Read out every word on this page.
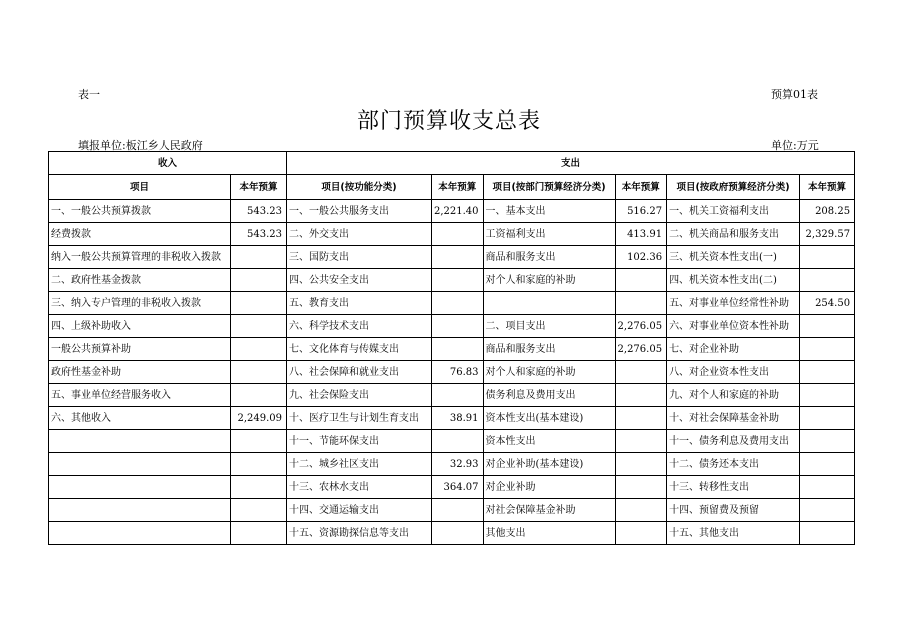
表一	预算01表
部门预算收支总表
填报单位:板江乡人民政府	单位:万元
收入		支出					
项目	本年预算	项目(按功能分类)	本年预算	项目(按部门预算经济分类)	本年预算	项目(按政府预算经济分类)	本年预算
一、一般公共预算拨款	543.23	一、一般公共服务支出	2,221.40	一、基本支出	516.27	一、机关工资福利支出	208.25
经费拨款	543.23	二、外交支出		工资福利支出	413.91	二、机关商品和服务支出	2,329.57
纳入一般公共预算管理的非税收入拨款		三、国防支出		商品和服务支出	102.36	三、机关资本性支出(一)	
二、政府性基金拨款		四、公共安全支出		对个人和家庭的补助		四、机关资本性支出(二)	
三、纳入专户管理的非税收入拨款		五、教育支出				五、对事业单位经常性补助	254.50
四、上级补助收入		六、科学技术支出		二、项目支出	2,276.05	六、对事业单位资本性补助	
一般公共预算补助		七、文化体育与传媒支出		商品和服务支出	2,276.05	七、对企业补助	
政府性基金补助		八、社会保障和就业支出	76.83	对个人和家庭的补助		八、对企业资本性支出	
五、事业单位经营服务收入		九、社会保险支出		债务利息及费用支出		九、对个人和家庭的补助	
六、其他收入	2,249.09	十、医疗卫生与计划生育支出	38.91	资本性支出(基本建设)		十、对社会保障基金补助	
		十一、节能环保支出		资本性支出		十一、债务利息及费用支出	
		十二、城乡社区支出	32.93	对企业补助(基本建设)		十二、债务还本支出	
		十三、农林水支出	364.07	对企业补助		十三、转移性支出	
		十四、交通运输支出		对社会保障基金补助		十四、预留费及预留	
		十五、资源勘探信息等支出		其他支出		十五、其他支出	
